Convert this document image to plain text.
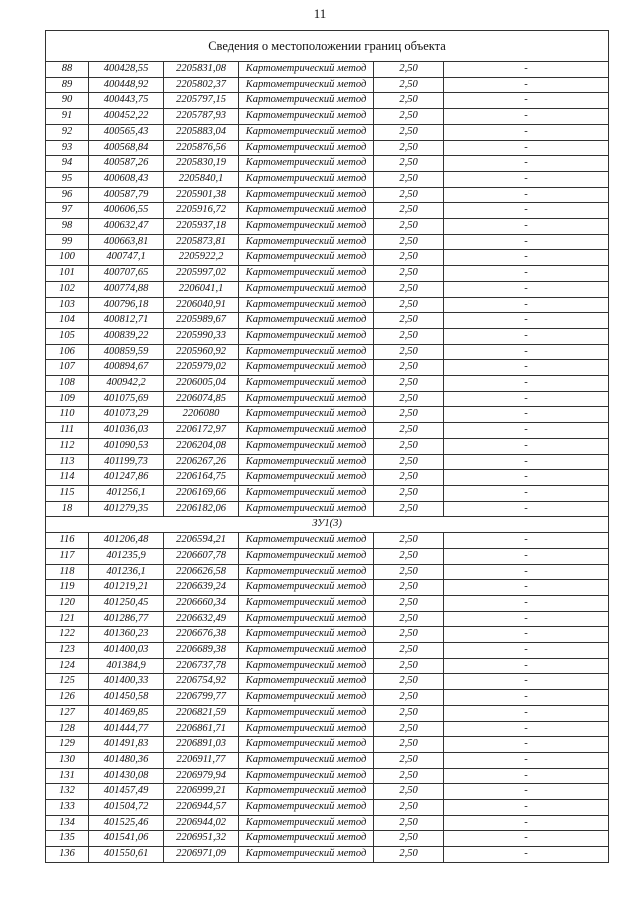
11
Сведения о местоположении границ объекта					
88	400428,55	2205831,08	Картометрический метод	2,50	-
89	400448,92	2205802,37	Картометрический метод	2,50	-
90	400443,75	2205797,15	Картометрический метод	2,50	-
91	400452,22	2205787,93	Картометрический метод	2,50	-
92	400565,43	2205883,04	Картометрический метод	2,50	-
93	400568,84	2205876,56	Картометрический метод	2,50	-
94	400587,26	2205830,19	Картометрический метод	2,50	-
95	400608,43	2205840,1	Картометрический метод	2,50	-
96	400587,79	2205901,38	Картометрический метод	2,50	-
97	400606,55	2205916,72	Картометрический метод	2,50	-
98	400632,47	2205937,18	Картометрический метод	2,50	-
99	400663,81	2205873,81	Картометрический метод	2,50	-
100	400747,1	2205922,2	Картометрический метод	2,50	-
101	400707,65	2205997,02	Картометрический метод	2,50	-
102	400774,88	2206041,1	Картометрический метод	2,50	-
103	400796,18	2206040,91	Картометрический метод	2,50	-
104	400812,71	2205989,67	Картометрический метод	2,50	-
105	400839,22	2205990,33	Картометрический метод	2,50	-
106	400859,59	2205960,92	Картометрический метод	2,50	-
107	400894,67	2205979,02	Картометрический метод	2,50	-
108	400942,2	2206005,04	Картометрический метод	2,50	-
109	401075,69	2206074,85	Картометрический метод	2,50	-
110	401073,29	2206080	Картометрический метод	2,50	-
111	401036,03	2206172,97	Картометрический метод	2,50	-
112	401090,53	2206204,08	Картометрический метод	2,50	-
113	401199,73	2206267,26	Картометрический метод	2,50	-
114	401247,86	2206164,75	Картометрический метод	2,50	-
115	401256,1	2206169,66	Картометрический метод	2,50	-
18	401279,35	2206182,06	Картометрический метод	2,50	-
ЗУ1(3)					
116	401206,48	2206594,21	Картометрический метод	2,50	-
117	401235,9	2206607,78	Картометрический метод	2,50	-
118	401236,1	2206626,58	Картометрический метод	2,50	-
119	401219,21	2206639,24	Картометрический метод	2,50	-
120	401250,45	2206660,34	Картометрический метод	2,50	-
121	401286,77	2206632,49	Картометрический метод	2,50	-
122	401360,23	2206676,38	Картометрический метод	2,50	-
123	401400,03	2206689,38	Картометрический метод	2,50	-
124	401384,9	2206737,78	Картометрический метод	2,50	-
125	401400,33	2206754,92	Картометрический метод	2,50	-
126	401450,58	2206799,77	Картометрический метод	2,50	-
127	401469,85	2206821,59	Картометрический метод	2,50	-
128	401444,77	2206861,71	Картометрический метод	2,50	-
129	401491,83	2206891,03	Картометрический метод	2,50	-
130	401480,36	2206911,77	Картометрический метод	2,50	-
131	401430,08	2206979,94	Картометрический метод	2,50	-
132	401457,49	2206999,21	Картометрический метод	2,50	-
133	401504,72	2206944,57	Картометрический метод	2,50	-
134	401525,46	2206944,02	Картометрический метод	2,50	-
135	401541,06	2206951,32	Картометрический метод	2,50	-
136	401550,61	2206971,09	Картометрический метод	2,50	-
